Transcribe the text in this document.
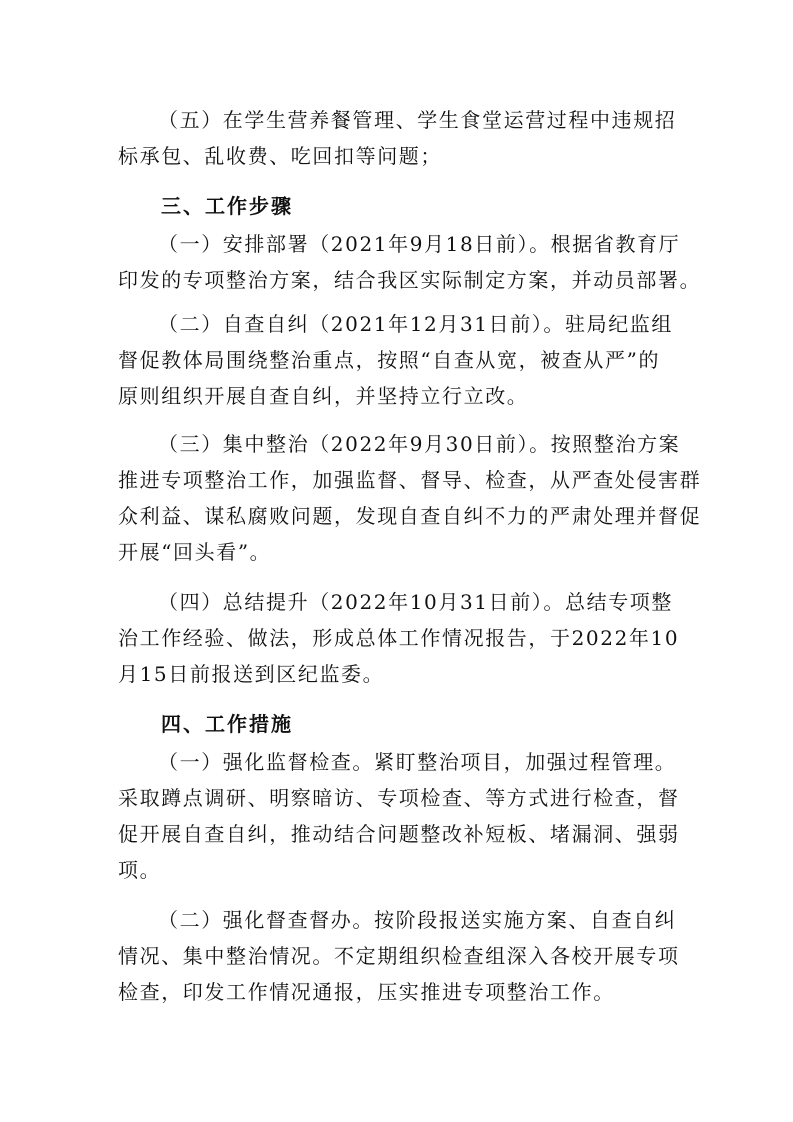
（五）在学生营养餐管理、学生食堂运营过程中违规招
标承包、乱收费、吃回扣等问题；
三、工作步骤
（一）安排部署（2021年9月18日前）。根据省教育厅
印发的专项整治方案，结合我区实际制定方案，并动员部署。
（二）自查自纠（2021年12月31日前）。驻局纪监组
督促教体局围绕整治重点，按照“自查从宽，被查从严”的
原则组织开展自查自纠，并坚持立行立改。
（三）集中整治（2022年9月30日前）。按照整治方案
推进专项整治工作，加强监督、督导、检查，从严查处侵害群
众利益、谋私腐败问题，发现自查自纠不力的严肃处理并督促
开展“回头看”。
（四）总结提升（2022年10月31日前）。总结专项整
治工作经验、做法，形成总体工作情况报告，于2022年10
月15日前报送到区纪监委。
四、工作措施
（一）强化监督检查。紧盯整治项目，加强过程管理。
采取蹲点调研、明察暗访、专项检查、等方式进行检查，督
促开展自查自纠，推动结合问题整改补短板、堵漏洞、强弱
项。
（二）强化督查督办。按阶段报送实施方案、自查自纠
情况、集中整治情况。不定期组织检查组深入各校开展专项
检查，印发工作情况通报，压实推进专项整治工作。
